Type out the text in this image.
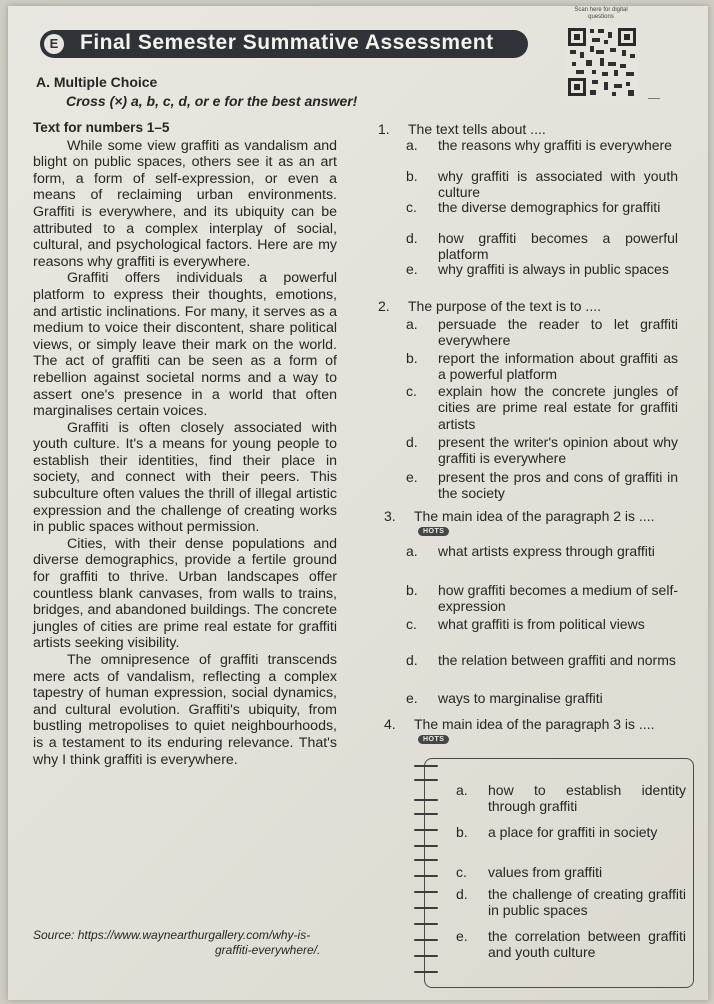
E Final Semester Summative Assessment
Scan here for digital questions
A. Multiple Choice
Cross (×) a, b, c, d, or e for the best answer!
Text for numbers 1–5

While some view graffiti as vandalism and blight on public spaces, others see it as an art form, a form of self-expression, or even a means of reclaiming urban environments. Graffiti is everywhere, and its ubiquity can be attributed to a complex interplay of social, cultural, and psychological factors. Here are my reasons why graffiti is everywhere.

Graffiti offers individuals a powerful platform to express their thoughts, emotions, and artistic inclinations. For many, it serves as a medium to voice their discontent, share political views, or simply leave their mark on the world. The act of graffiti can be seen as a form of rebellion against societal norms and a way to assert one's presence in a world that often marginalises certain voices.

Graffiti is often closely associated with youth culture. It's a means for young people to establish their identities, find their place in society, and connect with their peers. This subculture often values the thrill of illegal artistic expression and the challenge of creating works in public spaces without permission.

Cities, with their dense populations and diverse demographics, provide a fertile ground for graffiti to thrive. Urban landscapes offer countless blank canvases, from walls to trains, bridges, and abandoned buildings. The concrete jungles of cities are prime real estate for graffiti artists seeking visibility.

The omnipresence of graffiti transcends mere acts of vandalism, reflecting a complex tapestry of human expression, social dynamics, and cultural evolution. Graffiti's ubiquity, from bustling metropolises to quiet neighbourhoods, is a testament to its enduring relevance. That's why I think graffiti is everywhere.

Source: https://www.waynearthurgallery.com/why-is-
graffiti-everywhere/.
1. The text tells about ....
a. the reasons why graffiti is everywhere
b. why graffiti is associated with youth culture
c. the diverse demographics for graffiti
d. how graffiti becomes a powerful platform
e. why graffiti is always in public spaces
2. The purpose of the text is to ....
a. persuade the reader to let graffiti everywhere
b. report the information about graffiti as a powerful platform
c. explain how the concrete jungles of cities are prime real estate for graffiti artists
d. present the writer's opinion about why graffiti is everywhere
e. present the pros and cons of graffiti in the society
3. The main idea of the paragraph 2 is ....
HOTS
a. what artists express through graffiti
b. how graffiti becomes a medium of self-expression
c. what graffiti is from political views
d. the relation between graffiti and norms
e. ways to marginalise graffiti
4. The main idea of the paragraph 3 is ....
HOTS
a. how to establish identity through graffiti
b. a place for graffiti in society
c. values from graffiti
d. the challenge of creating graffiti in public spaces
e. the correlation between graffiti and youth culture
